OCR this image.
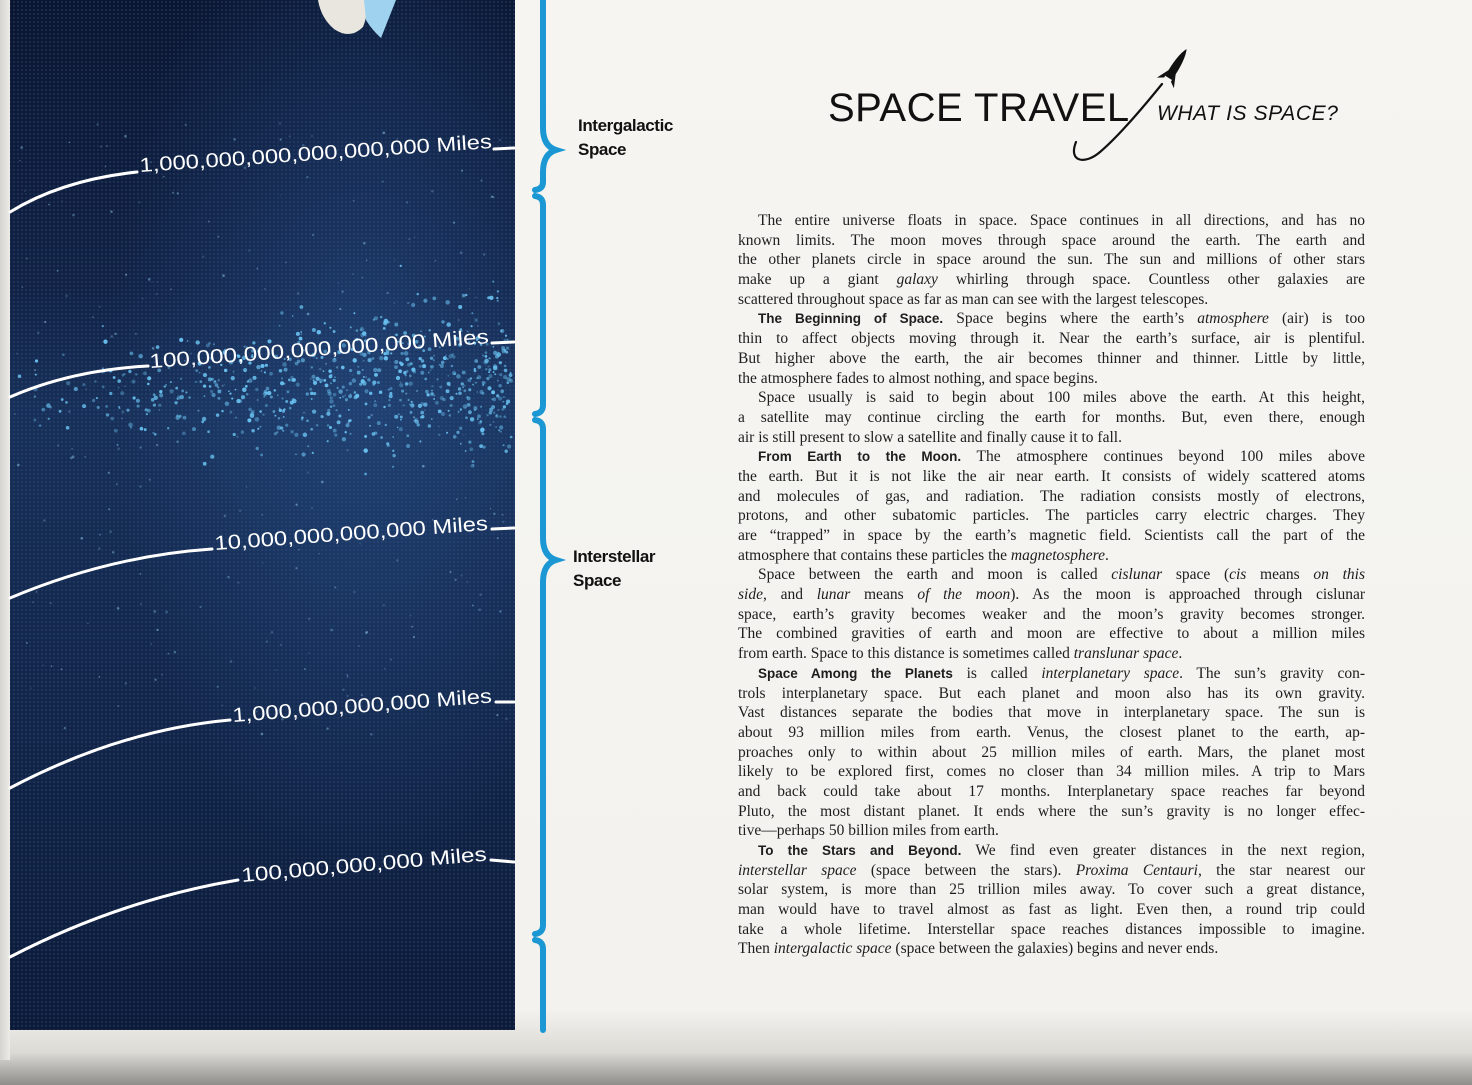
1,000,000,000,000,000,000 Miles
100,000,000,000,000,000 Miles
10,000,000,000,000 Miles
1,000,000,000,000 Miles
100,000,000,000 Miles
Intergalactic
Space
Interstellar
Space
SPACE TRAVEL WHAT IS SPACE?
The entire universe floats in space. Space continues in all directions, and has no
known limits. The moon moves through space around the earth. The earth and
the other planets circle in space around the sun. The sun and millions of other stars
make up a giant galaxy whirling through space. Countless other galaxies are
scattered throughout space as far as man can see with the largest telescopes.
The Beginning of Space. Space begins where the earth’s atmosphere (air) is too
thin to affect objects moving through it. Near the earth’s surface, air is plentiful.
But higher above the earth, the air becomes thinner and thinner. Little by little,
the atmosphere fades to almost nothing, and space begins.
Space usually is said to begin about 100 miles above the earth. At this height,
a satellite may continue circling the earth for months. But, even there, enough
air is still present to slow a satellite and finally cause it to fall.
From Earth to the Moon. The atmosphere continues beyond 100 miles above
the earth. But it is not like the air near earth. It consists of widely scattered atoms
and molecules of gas, and radiation. The radiation consists mostly of electrons,
protons, and other subatomic particles. The particles carry electric charges. They
are “trapped” in space by the earth’s magnetic field. Scientists call the part of the
atmosphere that contains these particles the magnetosphere.
Space between the earth and moon is called cislunar space (cis means on this
side, and lunar means of the moon). As the moon is approached through cislunar
space, earth’s gravity becomes weaker and the moon’s gravity becomes stronger.
The combined gravities of earth and moon are effective to about a million miles
from earth. Space to this distance is sometimes called translunar space.
Space Among the Planets is called interplanetary space. The sun’s gravity con-
trols interplanetary space. But each planet and moon also has its own gravity.
Vast distances separate the bodies that move in interplanetary space. The sun is
about 93 million miles from earth. Venus, the closest planet to the earth, ap-
proaches only to within about 25 million miles of earth. Mars, the planet most
likely to be explored first, comes no closer than 34 million miles. A trip to Mars
and back could take about 17 months. Interplanetary space reaches far beyond
Pluto, the most distant planet. It ends where the sun’s gravity is no longer effec-
tive—perhaps 50 billion miles from earth.
To the Stars and Beyond. We find even greater distances in the next region,
interstellar space (space between the stars). Proxima Centauri, the star nearest our
solar system, is more than 25 trillion miles away. To cover such a great distance,
man would have to travel almost as fast as light. Even then, a round trip could
take a whole lifetime. Interstellar space reaches distances impossible to imagine.
Then intergalactic space (space between the galaxies) begins and never ends.
